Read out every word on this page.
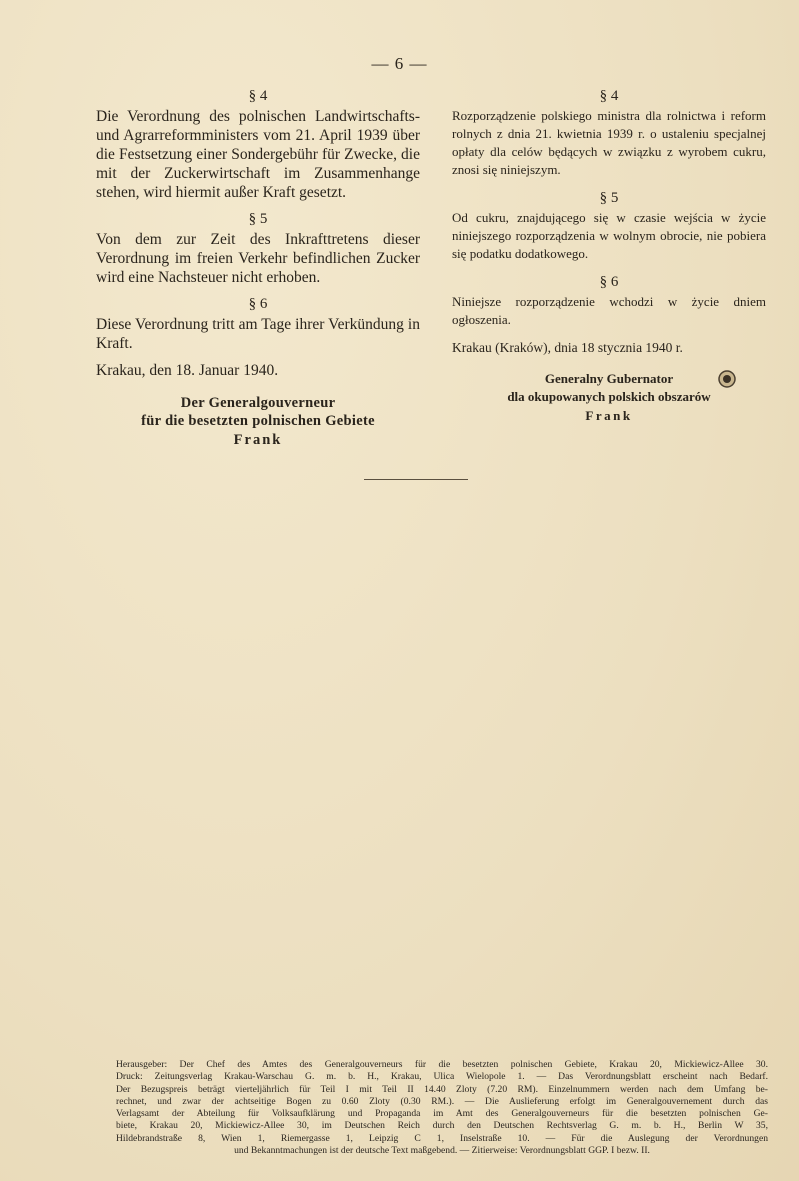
— 6 —
§ 4

Die Verordnung des polnischen Landwirtschafts- und Agrarreformministers vom 21. April 1939 über die Festsetzung einer Sondergebühr für Zwecke, die mit der Zuckerwirtschaft im Zusammenhange stehen, wird hiermit außer Kraft gesetzt.

§ 5

Von dem zur Zeit des Inkrafttretens dieser Verordnung im freien Verkehr befindlichen Zucker wird eine Nachsteuer nicht erhoben.

§ 6

Diese Verordnung tritt am Tage ihrer Verkündung in Kraft.

Krakau, den 18. Januar 1940.
Der Generalgouverneur
für die besetzten polnischen Gebiete
Frank
§ 4

Rozporządzenie polskiego ministra dla rolnictwa i reform rolnych z dnia 21. kwietnia 1939 r. o ustaleniu specjalnej opłaty dla celów będących w związku z wyrobem cukru, znosi się niniejszym.

§ 5

Od cukru, znajdującego się w czasie wejścia w życie niniejszego rozporządzenia w wolnym obrocie, nie pobiera się podatku dodatkowego.

§ 6

Niniejsze rozporządzenie wchodzi w życie dniem ogłoszenia.

Krakau (Kraków), dnia 18 stycznia 1940 r.
Generalny Gubernator
dla okupowanych polskich obszarów
Frank

Herausgeber: Der Chef des Amtes des Generalgouverneurs für die besetzten polnischen Gebiete, Krakau 20, Mickiewicz-Allee 30.

Druck: Zeitungsverlag Krakau-Warschau G. m. b. H., Krakau, Ulica Wielopole 1. — Das Verordnungsblatt erscheint nach Bedarf.

Der Bezugspreis beträgt vierteljährlich für Teil I mit Teil II 14.40 Zloty (7.20 RM). Einzelnummern werden nach dem Umfang be-

rechnet, und zwar der achtseitige Bogen zu 0.60 Zloty (0.30 RM.). — Die Auslieferung erfolgt im Generalgouvernement durch das

Verlagsamt der Abteilung für Volksaufklärung und Propaganda im Amt des Generalgouverneurs für die besetzten polnischen Ge-

biete, Krakau 20, Mickiewicz-Allee 30, im Deutschen Reich durch den Deutschen Rechtsverlag G. m. b. H., Berlin W 35,

Hildebrandstraße 8, Wien 1, Riemergasse 1, Leipzig C 1, Inselstraße 10. — Für die Auslegung der Verordnungen

und Bekanntmachungen ist der deutsche Text maßgebend. — Zitierweise: Verordnungsblatt GGP. I bezw. II.
